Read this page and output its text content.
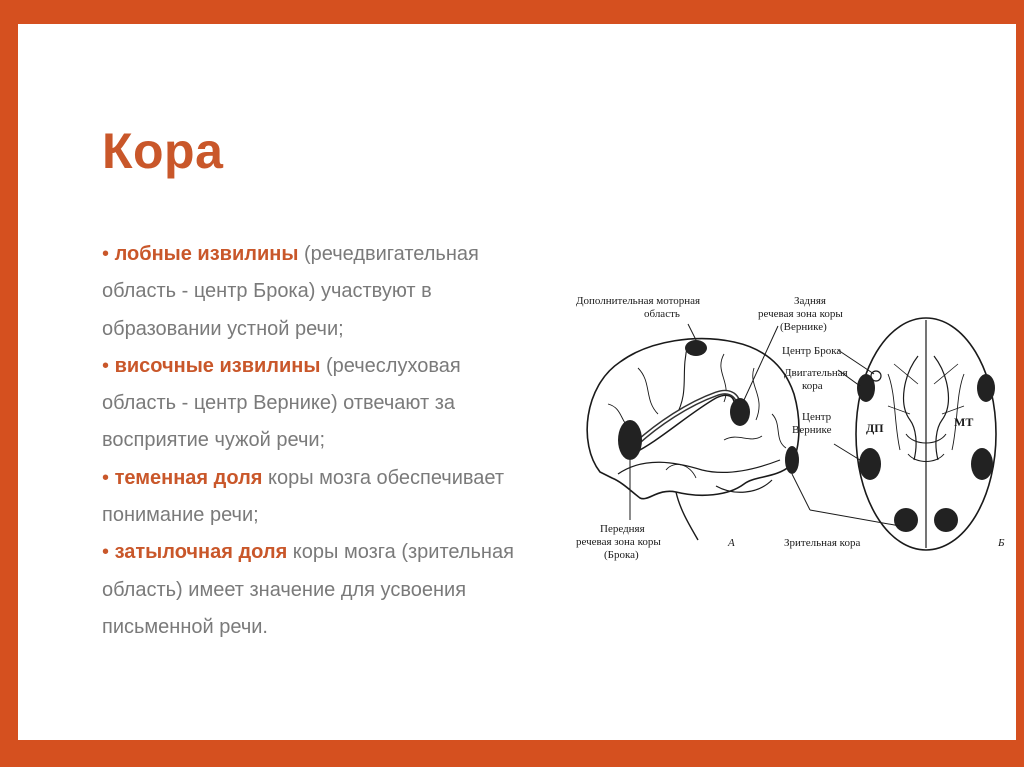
Кора
• лобные извилины (речедвигательная область - центр Брока) участвуют в образовании устной речи;
• височные извилины (речеслуховая область - центр Вернике) отвечают за восприятие чужой речи;
• теменная доля коры мозга обеспечивает понимание речи;
• затылочная доля коры мозга (зрительная область) имеет значение для усвоения письменной речи.
Дополнительная моторная
область
Задняя
речевая зона коры
(Вернике)
Центр Брока
Двигательная
кора
Центр
Вернике
Передняя
речевая зона коры
(Брока)
Зрительная кора
А	Б
ДП	МТ
